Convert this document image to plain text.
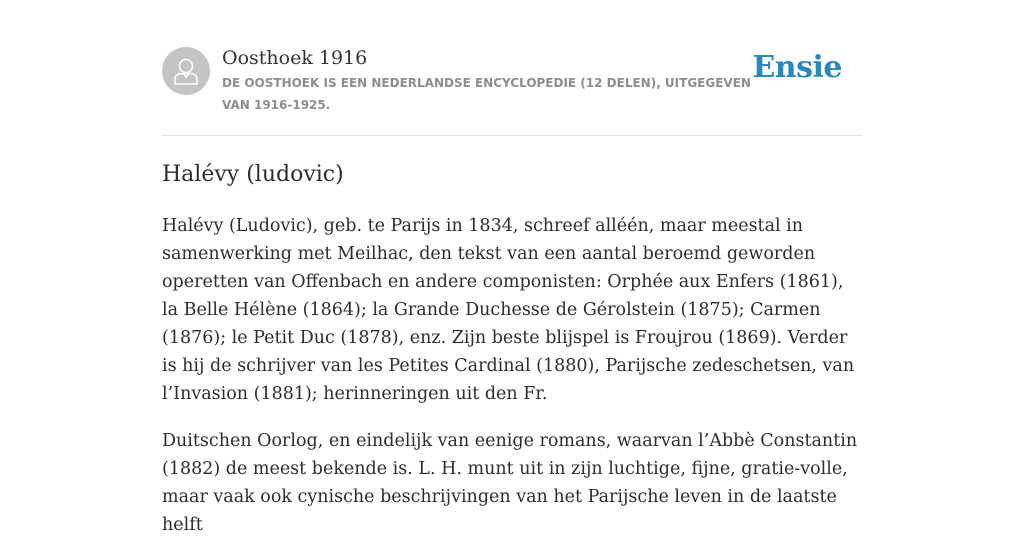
Oosthoek 1916
DE OOSTHOEK IS EEN NEDERLANDSE ENCYCLOPEDIE (12 DELEN), UITGEGEVEN VAN 1916-1925.
Ensie
Halévy (ludovic)

Halévy (Ludovic), geb. te Parijs in 1834, schreef alléén, maar meestal in samenwerking met Meilhac, den tekst van een aantal beroemd geworden operetten van Offenbach en andere componisten: Orphée aux Enfers (1861), la Belle Hélène (1864); la Grande Duchesse de Gérolstein (1875); Carmen (1876); le Petit Duc (1878), enz. Zijn beste blijspel is Froujrou (1869). Verder is hij de schrijver van les Petites Cardinal (1880), Parijsche zedeschetsen, van l’Invasion (1881); herinneringen uit den Fr.

Duitschen Oorlog, en eindelijk van eenige romans, waarvan l’Abbè Constantin (1882) de meest bekende is. L. H. munt uit in zijn luchtige, fijne, gratie-volle, maar vaak ook cynische beschrijvingen van het Parijsche leven in de laatste helft
